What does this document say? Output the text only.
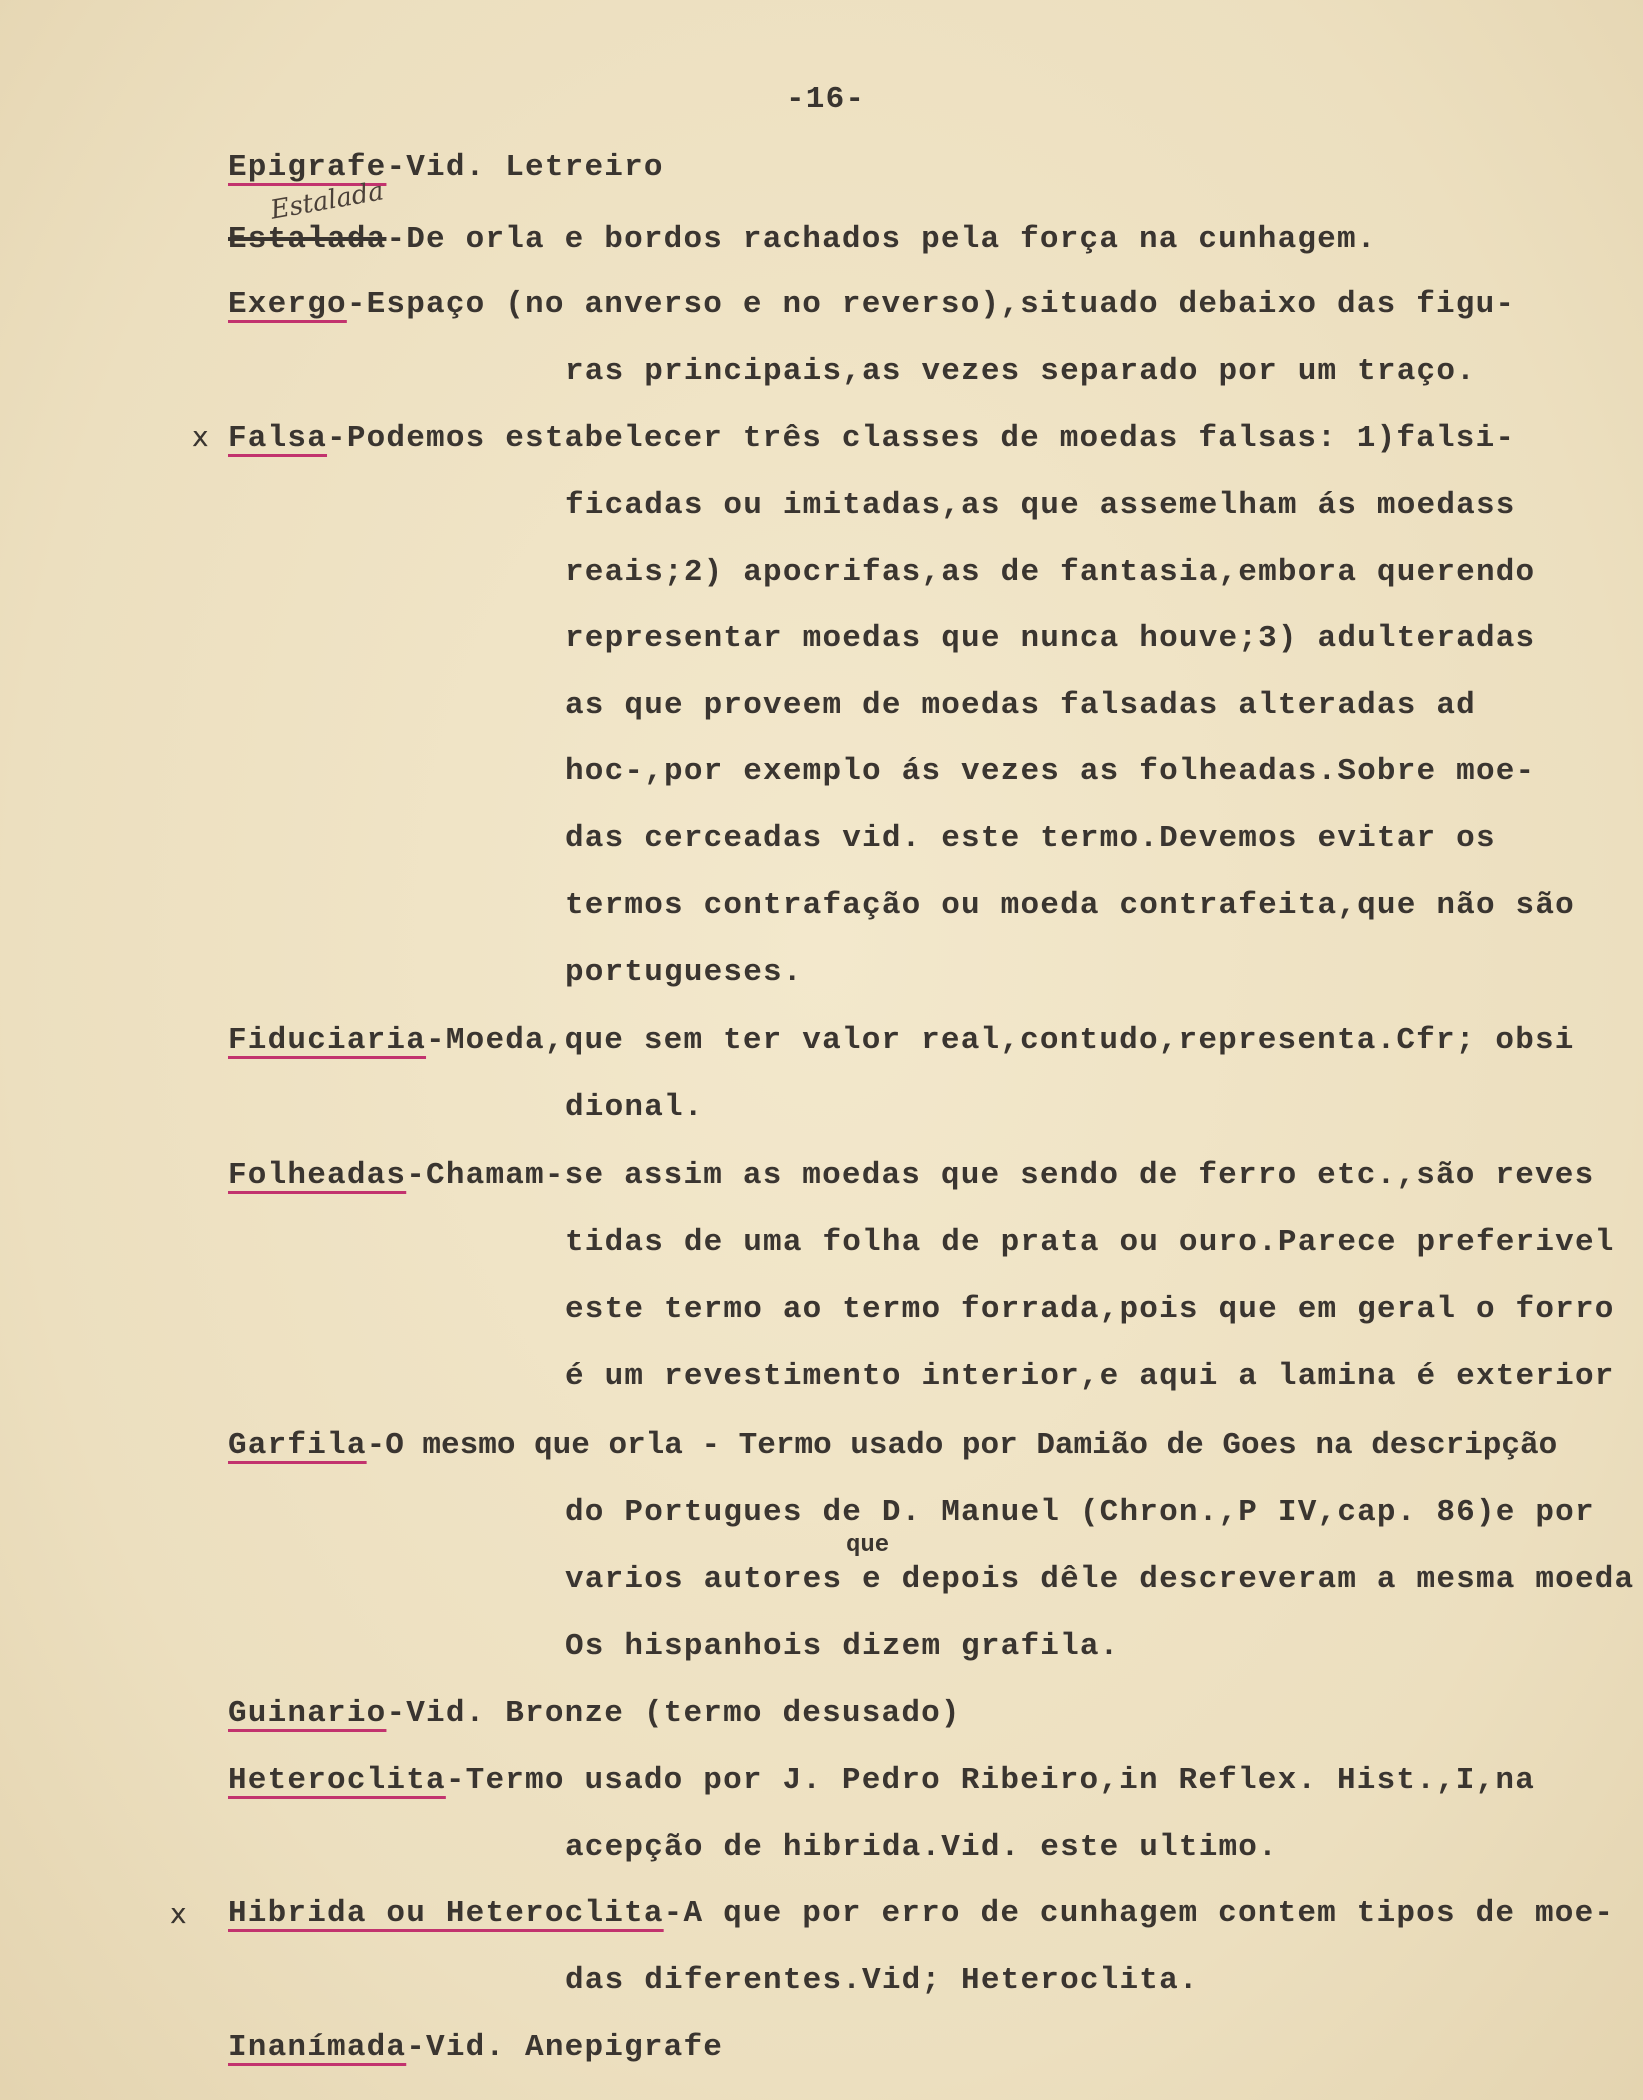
-16-
Epigrafe-Vid. Letreiro
Estalada
Estalada-De orla e bordos rachados pela força na cunhagem.
Exergo-Espaço (no anverso e no reverso),situado debaixo das figu-
ras principais,as vezes separado por um traço.
x Falsa-Podemos estabelecer três classes de moedas falsas: 1)falsi-
ficadas ou imitadas,as que assemelham ás moedass
reais;2) apocrifas,as de fantasia,embora querendo
representar moedas que nunca houve;3) adulteradas
as que proveem de moedas falsadas alteradas ad
hoc-,por exemplo ás vezes as folheadas.Sobre moe-
das cerceadas vid. este termo.Devemos evitar os
termos contrafação ou moeda contrafeita,que não são
portugueses.
Fiduciaria-Moeda,que sem ter valor real,contudo,representa.Cfr; obsi
dional.
Folheadas-Chamam-se assim as moedas que sendo de ferro etc.,são reves
tidas de uma folha de prata ou ouro.Parece preferivel
este termo ao termo forrada,pois que em geral o forro
é um revestimento interior,e aqui a lamina é exterior
Garfila-O mesmo que orla - Termo usado por Damião de Goes na descripção
do Portugues de D. Manuel (Chron.,P IV,cap. 86)e por
que
varios autores e depois dêle descreveram a mesma moeda
Os hispanhois dizem grafila.
Guinario-Vid. Bronze (termo desusado)
Heteroclita-Termo usado por J. Pedro Ribeiro,in Reflex. Hist.,I,na
acepção de hibrida.Vid. este ultimo.
x Hibrida ou Heteroclita-A que por erro de cunhagem contem tipos de moe-
das diferentes.Vid; Heteroclita.
Inanímada-Vid. Anepigrafe
